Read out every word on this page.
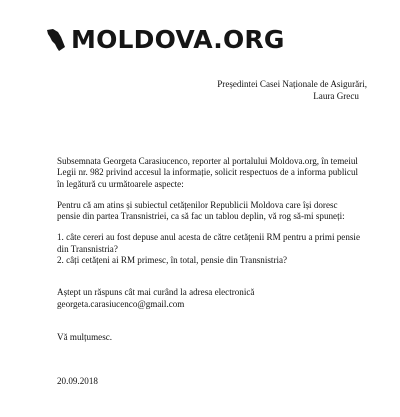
MOLDOVA.ORG
Președintei Casei Naționale de Asigurări,
Laura Grecu

Subsemnata Georgeta Carasiucenco, reporter al portalului Moldova.org, în temeiul Legii nr. 982 privind accesul la informație, solicit respectuos de a informa publicul în legătură cu următoarele aspecte:

Pentru că am atins și subiectul cetățenilor Republicii Moldova care își doresc pensie din partea Transnistriei, ca să fac un tablou deplin, vă rog să-mi spuneți:

1. câte cereri au fost depuse anul acesta de către cetățenii RM pentru a primi pensie din Transnistria?

2. câți cetățeni ai RM primesc, în total, pensie din Transnistria?

Aștept un răspuns cât mai curând la adresa electronică

georgeta.carasiucenco@gmail.com

Vă mulțumesc.
20.09.2018
